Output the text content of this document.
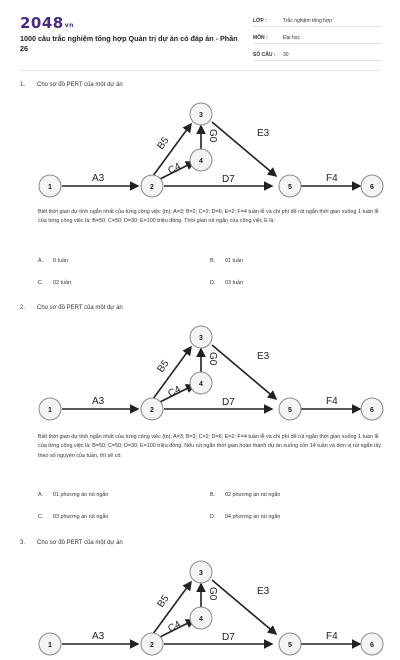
2048vn
1000 câu trắc nghiệm tổng hợp Quản trị dự án có đáp án - Phần 26
LỚP :	Trắc nghiệm tổng hợp
MÔN :	Đại học
SỐ CÂU :	30
1. Cho sơ đồ PERT của một dự án
1	2
3
4
5	6
A3
B5
C4
D7
E3
F4
G0
Biết thời gian dự tính ngắn nhất của từng công việc (tn): A=3; B=2; C=2; D=6; E=2; F=4 tuần lễ và chi phí để rút ngắn thời gian xuống 1 tuần lễ của từng công việc là: B=50; C=50; D=30; E=100 triệu đồng. Thời gian rút ngắn của công việc E là:
A. 0 tuần	B. 01 tuần
C. 02 tuần	D. 03 tuần
2. Cho sơ đồ PERT của một dự án
1	2
3
4
5	6
A3
B5
C4
D7
E3
F4
G0
Biết thời gian dự tính ngắn nhất của từng công việc (tn): A=3; B=2; C=2; D=6; E=2; F=4 tuần lễ và chi phí để rút ngắn thời gian xuống 1 tuần lễ của từng công việc là: B=50; C=50; D=30; E=100 triệu đồng. Nếu rút ngắn thời gian hoàn thành dự án xuống còn 14 tuần và đơn vị rút ngắn lấy theo số nguyên của tuần, thì sẽ có:
A. 01 phương án rút ngắn	B. 02 phương án rút ngắn
C. 03 phương án rút ngắn	D. 04 phương án rút ngắn
3. Cho sơ đồ PERT của một dự án
1	2
3
4
5	6
A3
B5
C4
D7
E3
F4
G0
